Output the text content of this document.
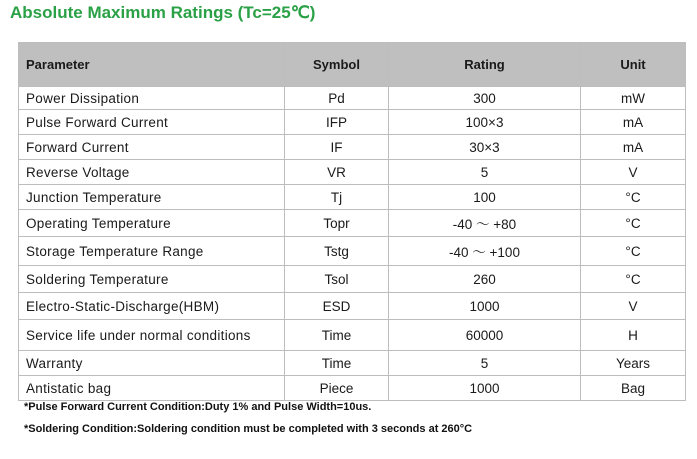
Absolute Maximum Ratings (Tc=25℃)
Parameter	Symbol	Rating	Unit
Power Dissipation	Pd	300	mW
Pulse Forward Current	IFP	100×3	mA
Forward Current	IF	30×3	mA
Reverse Voltage	VR	5	V
Junction Temperature	Tj	100	°C
Operating Temperature	Topr	-40 ～ +80	°C
Storage Temperature Range	Tstg	-40 ～ +100	°C
Soldering Temperature	Tsol	260	°C
Electro-Static-Discharge(HBM)	ESD	1000	V
Service life under normal conditions	Time	60000	H
Warranty	Time	5	Years
Antistatic bag	Piece	1000	Bag
*Pulse Forward Current Condition:Duty 1% and Pulse Width=10us.
*Soldering Condition:Soldering condition must be completed with 3 seconds at 260°C
